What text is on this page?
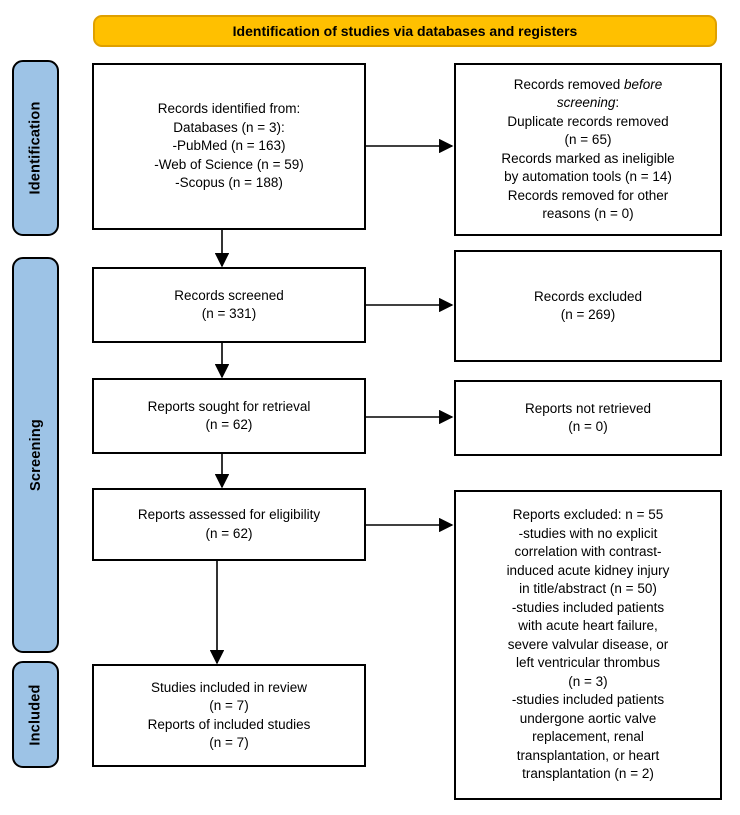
Identification of studies via databases and registers
Identification
Screening
Included
Records identified from:
Databases (n = 3):
-PubMed (n = 163)
-Web of Science (n = 59)
-Scopus (n = 188)
Records removed before
screening:
Duplicate records removed
(n = 65)
Records marked as ineligible
by automation tools (n = 14)
Records removed for other
reasons (n = 0)
Records screened
(n = 331)
Records excluded
(n = 269)
Reports sought for retrieval
(n = 62)
Reports not retrieved
(n = 0)
Reports assessed for eligibility
(n = 62)
Reports excluded: n = 55
-studies with no explicit
correlation with contrast-
induced acute kidney injury
in title/abstract (n = 50)
-studies included patients
with acute heart failure,
severe valvular disease, or
left ventricular thrombus
(n = 3)
-studies included patients
undergone aortic valve
replacement, renal
transplantation, or heart
transplantation (n = 2)
Studies included in review
(n = 7)
Reports of included studies
(n = 7)
